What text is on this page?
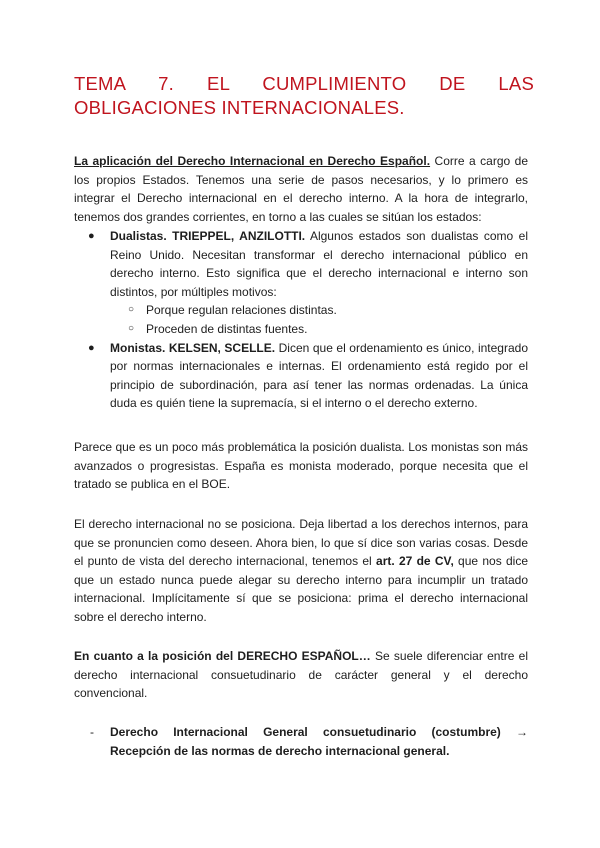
TEMA 7. EL CUMPLIMIENTO DE LAS OBLIGACIONES INTERNACIONALES.

La aplicación del Derecho Internacional en Derecho Español. Corre a cargo de los propios Estados. Tenemos una serie de pasos necesarios, y lo primero es integrar el Derecho internacional en el derecho interno. A la hora de integrarlo, tenemos dos grandes corrientes, en torno a las cuales se sitúan los estados:

● Dualistas. TRIEPPEL, ANZILOTTI. Algunos estados son dualistas como el Reino Unido. Necesitan transformar el derecho internacional público en derecho interno. Esto significa que el derecho internacional e interno son distintos, por múltiples motivos:
○ Porque regulan relaciones distintas.
○ Proceden de distintas fuentes.
● Monistas. KELSEN, SCELLE. Dicen que el ordenamiento es único, integrado por normas internacionales e internas. El ordenamiento está regido por el principio de subordinación, para así tener las normas ordenadas. La única duda es quién tiene la supremacía, si el interno o el derecho externo.

Parece que es un poco más problemática la posición dualista. Los monistas son más avanzados o progresistas. España es monista moderado, porque necesita que el tratado se publica en el BOE.

El derecho internacional no se posiciona. Deja libertad a los derechos internos, para que se pronuncien como deseen. Ahora bien, lo que sí dice son varias cosas. Desde el punto de vista del derecho internacional, tenemos el art. 27 de CV, que nos dice que un estado nunca puede alegar su derecho interno para incumplir un tratado internacional. Implícitamente sí que se posiciona: prima el derecho internacional sobre el derecho interno.

En cuanto a la posición del DERECHO ESPAÑOL… Se suele diferenciar entre el derecho internacional consuetudinario de carácter general y el derecho convencional.

- Derecho Internacional General consuetudinario (costumbre) → Recepción de las normas de derecho internacional general.
